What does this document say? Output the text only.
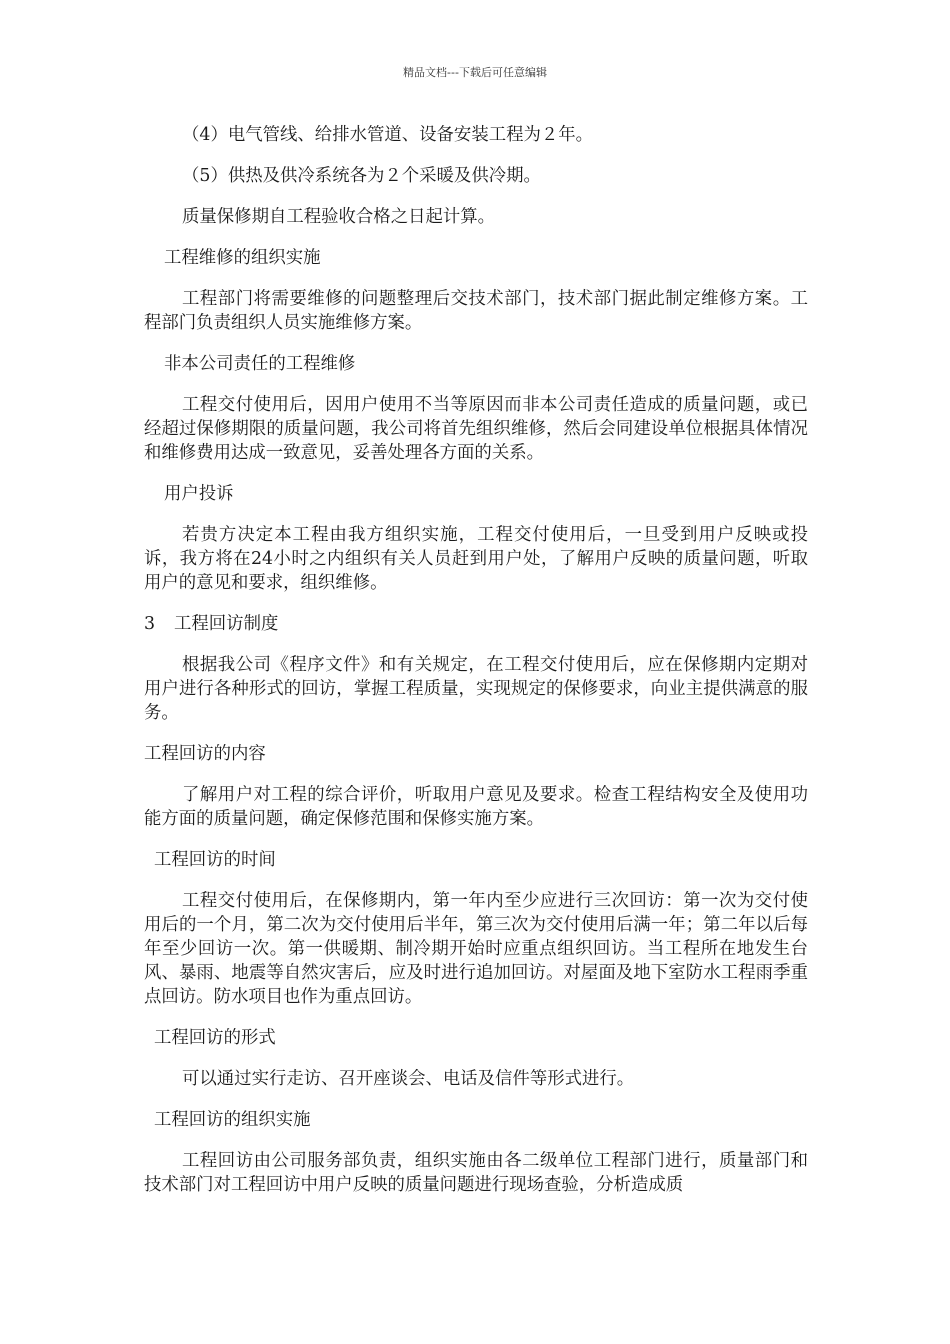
精品文档---下载后可任意编辑
（4）电气管线、给排水管道、设备安装工程为２年。
（5）供热及供冷系统各为２个采暖及供冷期。
质量保修期自工程验收合格之日起计算。
工程维修的组织实施
工程部门将需要维修的问题整理后交技术部门，技术部门据此制定维修方案。工程部门负责组织人员实施维修方案。
非本公司责任的工程维修
工程交付使用后，因用户使用不当等原因而非本公司责任造成的质量问题，或已经超过保修期限的质量问题，我公司将首先组织维修，然后会同建设单位根据具体情况和维修费用达成一致意见，妥善处理各方面的关系。
用户投诉
若贵方决定本工程由我方组织实施，工程交付使用后，一旦受到用户反映或投诉，我方将在24小时之内组织有关人员赶到用户处，了解用户反映的质量问题，听取用户的意见和要求，组织维修。
3 工程回访制度
根据我公司《程序文件》和有关规定，在工程交付使用后，应在保修期内定期对用户进行各种形式的回访，掌握工程质量，实现规定的保修要求，向业主提供满意的服务。
工程回访的内容
了解用户对工程的综合评价，听取用户意见及要求。检查工程结构安全及使用功能方面的质量问题，确定保修范围和保修实施方案。
工程回访的时间
工程交付使用后，在保修期内，第一年内至少应进行三次回访：第一次为交付使用后的一个月，第二次为交付使用后半年，第三次为交付使用后满一年；第二年以后每年至少回访一次。第一供暖期、制冷期开始时应重点组织回访。当工程所在地发生台风、暴雨、地震等自然灾害后，应及时进行追加回访。对屋面及地下室防水工程雨季重点回访。防水项目也作为重点回访。
工程回访的形式
可以通过实行走访、召开座谈会、电话及信件等形式进行。
工程回访的组织实施
工程回访由公司服务部负责，组织实施由各二级单位工程部门进行，质量部门和技术部门对工程回访中用户反映的质量问题进行现场查验，分析造成质
